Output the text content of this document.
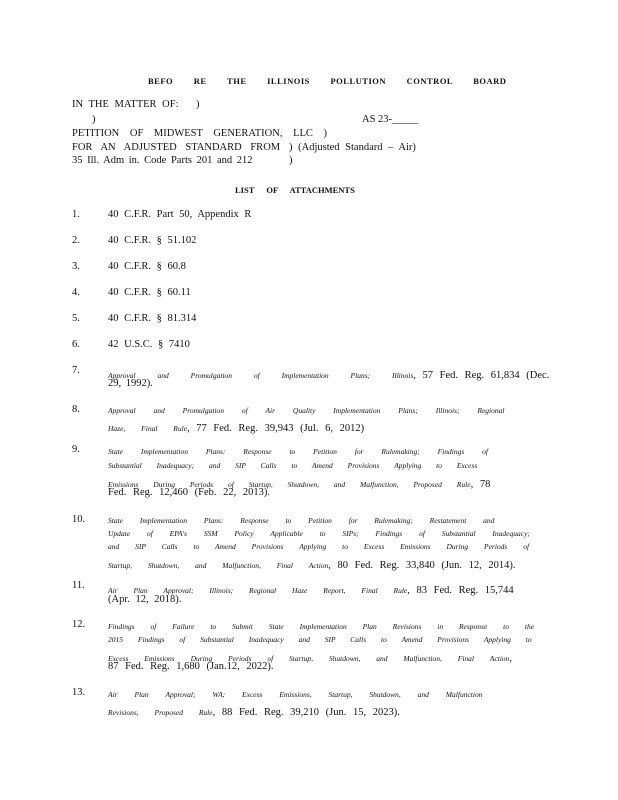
BEFO RE THE ILLINOIS POLLUTION CONTROL BOARD
IN THE MATTER OF: )
)	AS 23-_____
PETITION OF MIDWEST GENERATION, LLC )
FOR AN ADJUSTED STANDARD FROM ) (Adjusted Standard – Air)
35 Ill. Adm in. Code Parts 201 and 212	)
LIST OF ATTACHMENTS
1.	40 C.F.R. Part 50, Appendix R
2.	40 C.F.R. § 51.102
3.	40 C.F.R. § 60.8
4.	40 C.F.R. § 60.11
5.	40 C.F.R. § 81.314
6.	42 U.S.C. § 7410
7.	Approval and Promulgation of Implementation Plans; Illinois, 57 Fed. Reg. 61,834 (Dec.
29, 1992).
8.	Approval and Promulgation of Air Quality Implementation Plans; Illinois; Regional
Haze, Final Rule, 77 Fed. Reg. 39,943 (Jul. 6, 2012)
9.	State Implementation Plans: Response to Petition for Rulemaking; Findings of
Substantial Inadequacy; and SIP Calls to Amend Provisions Applying to Excess
Emissions During Periods of Startup, Shutdown, and Malfunction, Proposed Rule, 78
Fed. Reg. 12,460 (Feb. 22, 2013).
10.	State Implementation Plans: Response to Petition for Rulemaking; Restatement and
Update of EPA's SSM Policy Applicable to SIPs; Findings of Substantial Inadequacy;
and SIP Calls to Amend Provisions Applying to Excess Emissions During Periods of
Startup, Shutdown, and Malfunction, Final Action, 80 Fed. Reg. 33,840 (Jun. 12, 2014).
11.	Air Plan Approval; Illinois; Regional Haze Report, Final Rule, 83 Fed. Reg. 15,744
(Apr. 12, 2018).
12.	Findings of Failure to Submit State Implementation Plan Revisions in Response to the
2015 Findings of Substantial Inadequacy and SIP Calls to Amend Provisions Applying to
Excess Emissions During Periods of Startup, Shutdown, and Malfunction, Final Action,
87 Fed. Reg. 1,680 (Jan.12, 2022).
13.	Air Plan Approval; WA; Excess Emissions, Startup, Shutdown, and Malfunction
Revisions, Proposed Rule, 88 Fed. Reg. 39,210 (Jun. 15, 2023).
